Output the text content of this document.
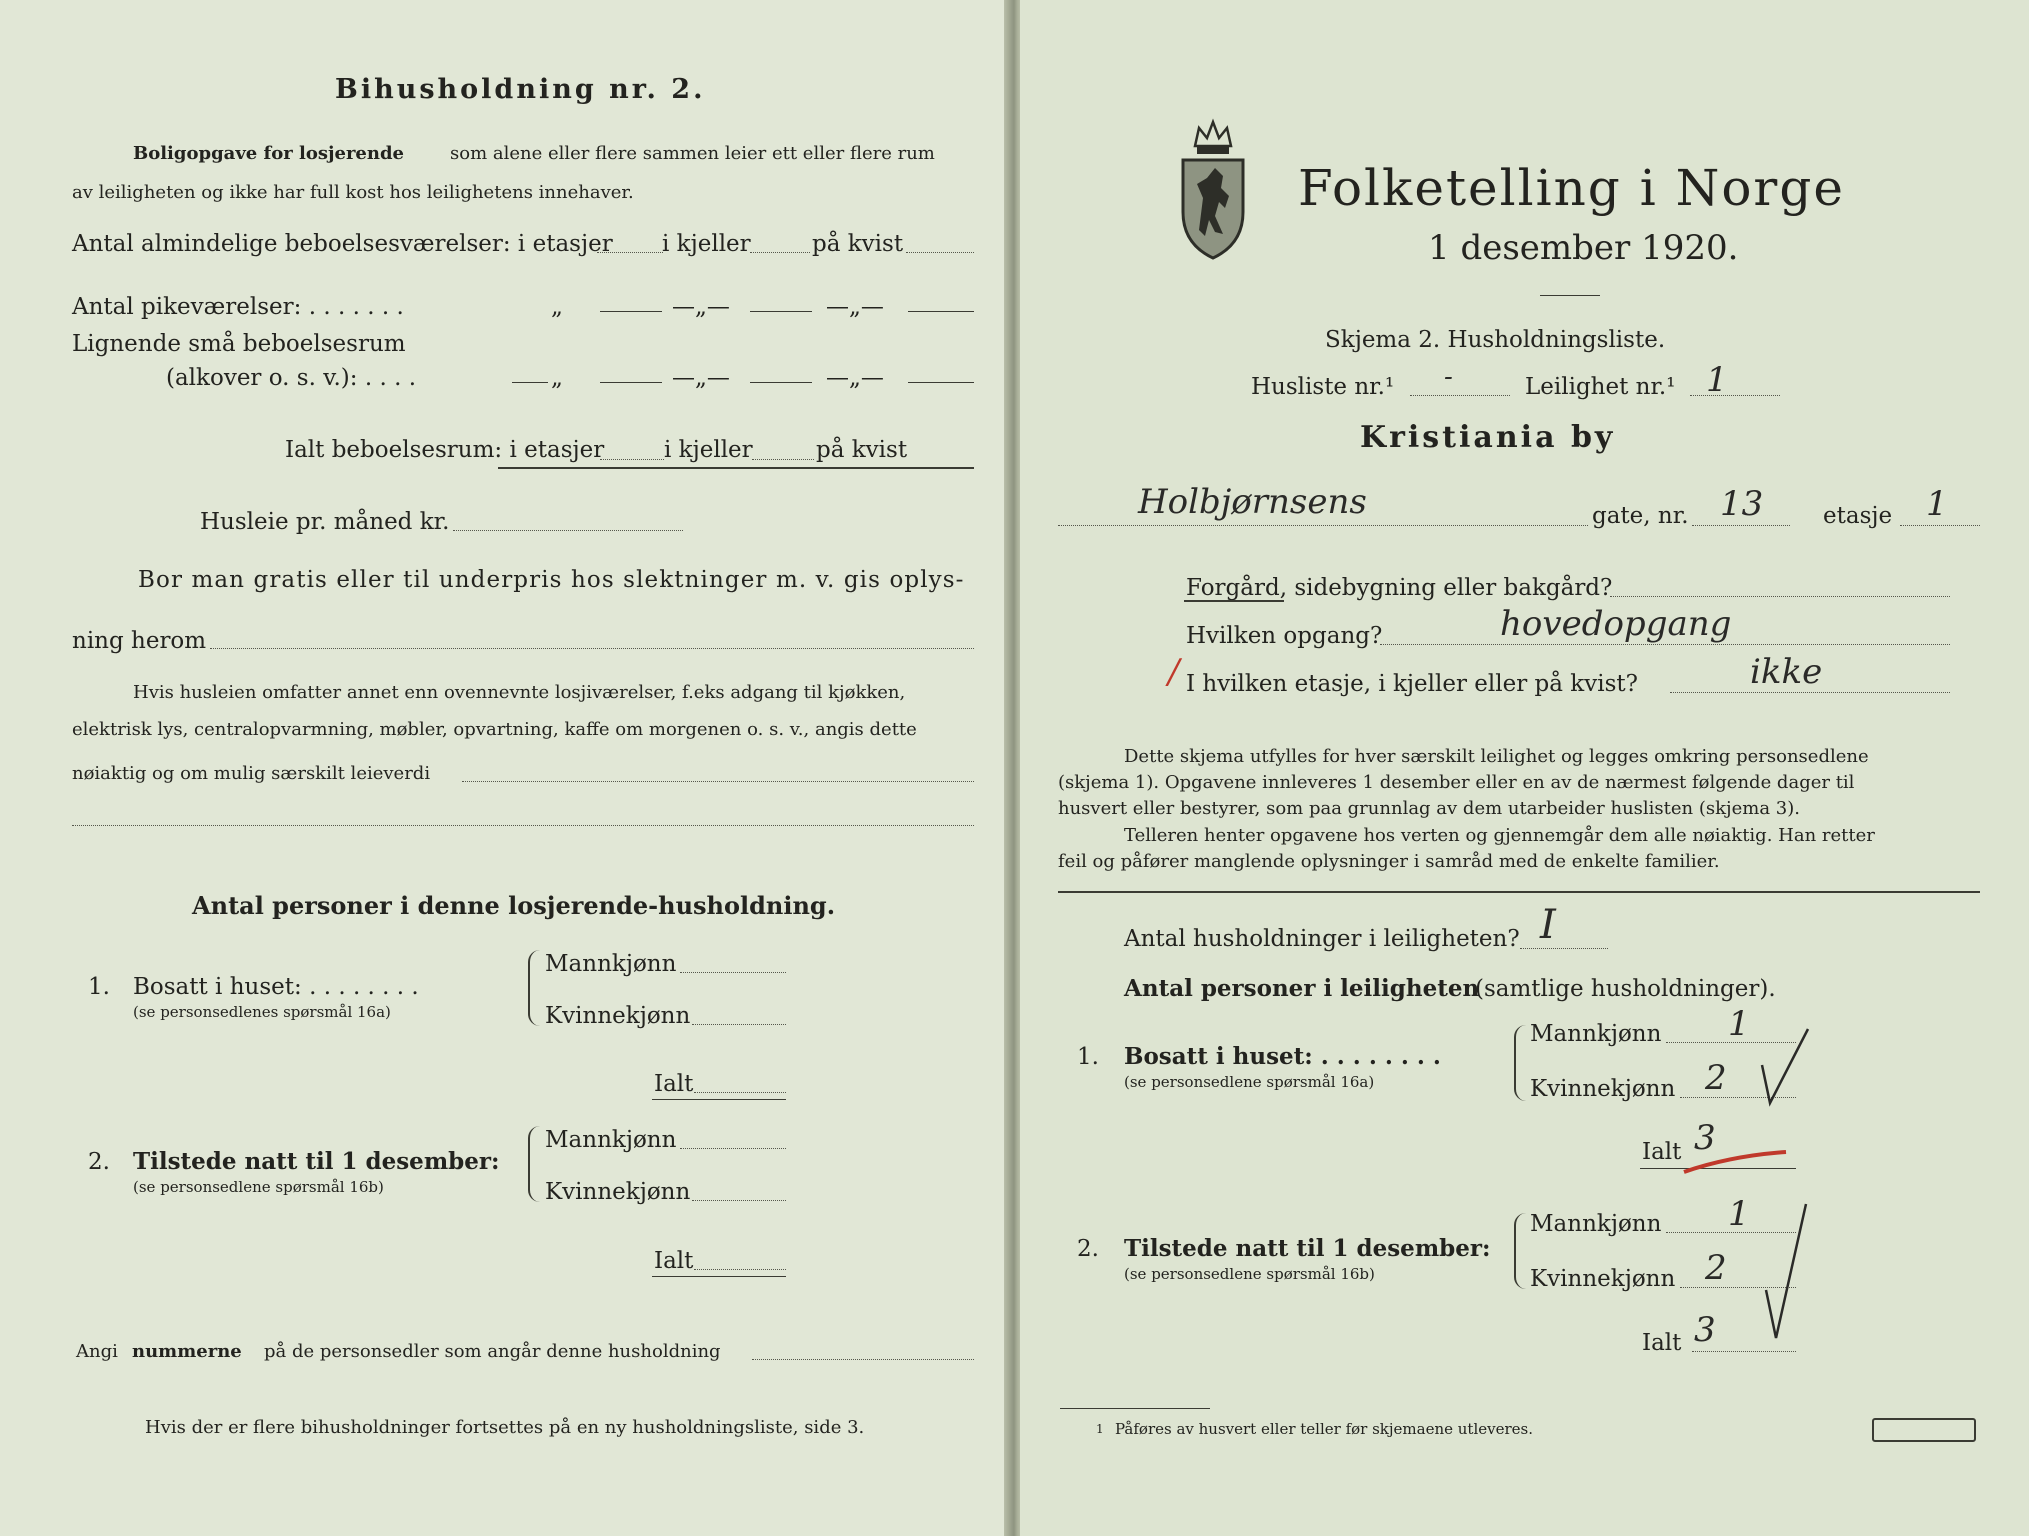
Bihusholdning nr. 2.
Boligopgave for losjerende	som alene eller flere sammen leier ett eller flere rum
av leiligheten og ikke har full kost hos leilighetens innehaver.
Antal almindelige beboelsesværelser: i etasjer i kjeller	på kvist
Antal pikeværelser: . . . . . . .	„	—„—	—„—
Lignende små beboelsesrum
(alkover o. s. v.): . . . .	„	—„—	—„—
Ialt beboelsesrum: i etasjer	i kjeller	på kvist
Husleie pr. måned kr.
Bor man gratis eller til underpris hos slektninger m. v. gis oplys-
ning herom
Hvis husleien omfatter annet enn ovennevnte losjiværelser, f.eks adgang til kjøkken,
elektrisk lys, centralopvarmning, møbler, opvartning, kaffe om morgenen o. s. v., angis dette
nøiaktig og om mulig særskilt leieverdi
Antal personer i denne losjerende-husholdning.
1. Bosatt i huset: . . . . . . . .
(se personsedlenes spørsmål 16a)
Mannkjønn
Kvinnekjønn
Ialt
2. Tilstede natt til 1 desember:
(se personsedlene spørsmål 16b)
Mannkjønn
Kvinnekjønn
Ialt
Angi nummerne på de personsedler som angår denne husholdning
Hvis der er flere bihusholdninger fortsettes på en ny husholdningsliste, side 3.
Folketelling i Norge
1 desember 1920.
Skjema 2. Husholdningsliste.
Husliste nr.¹ -	Leilighet nr.¹ 1
Kristiania by
Holbjørnsens	gate, nr. 13	etasje 1
Forgård, sidebygning eller bakgård?
Hvilken opgang?	hovedopgang
/ I hvilken etasje, i kjeller eller på kvist?	ikke
Dette skjema utfylles for hver særskilt leilighet og legges omkring personsedlene
(skjema 1). Opgavene innleveres 1 desember eller en av de nærmest følgende dager til
husvert eller bestyrer, som paa grunnlag av dem utarbeider huslisten (skjema 3).
Telleren henter opgavene hos verten og gjennemgår dem alle nøiaktig. Han retter
feil og påfører manglende oplysninger i samråd med de enkelte familier.
Antal husholdninger i leiligheten? I
Antal personer i leiligheten
(samtlige husholdninger).
1. Bosatt i huset: . . . . . . . .
(se personsedlene spørsmål 16a)
Mannkjønn 1
Kvinnekjønn 2
Ialt 3
2. Tilstede natt til 1 desember:
(se personsedlene spørsmål 16b)
Mannkjønn 1
Kvinnekjønn 2
Ialt 3
1 Påføres av husvert eller teller før skjemaene utleveres.
